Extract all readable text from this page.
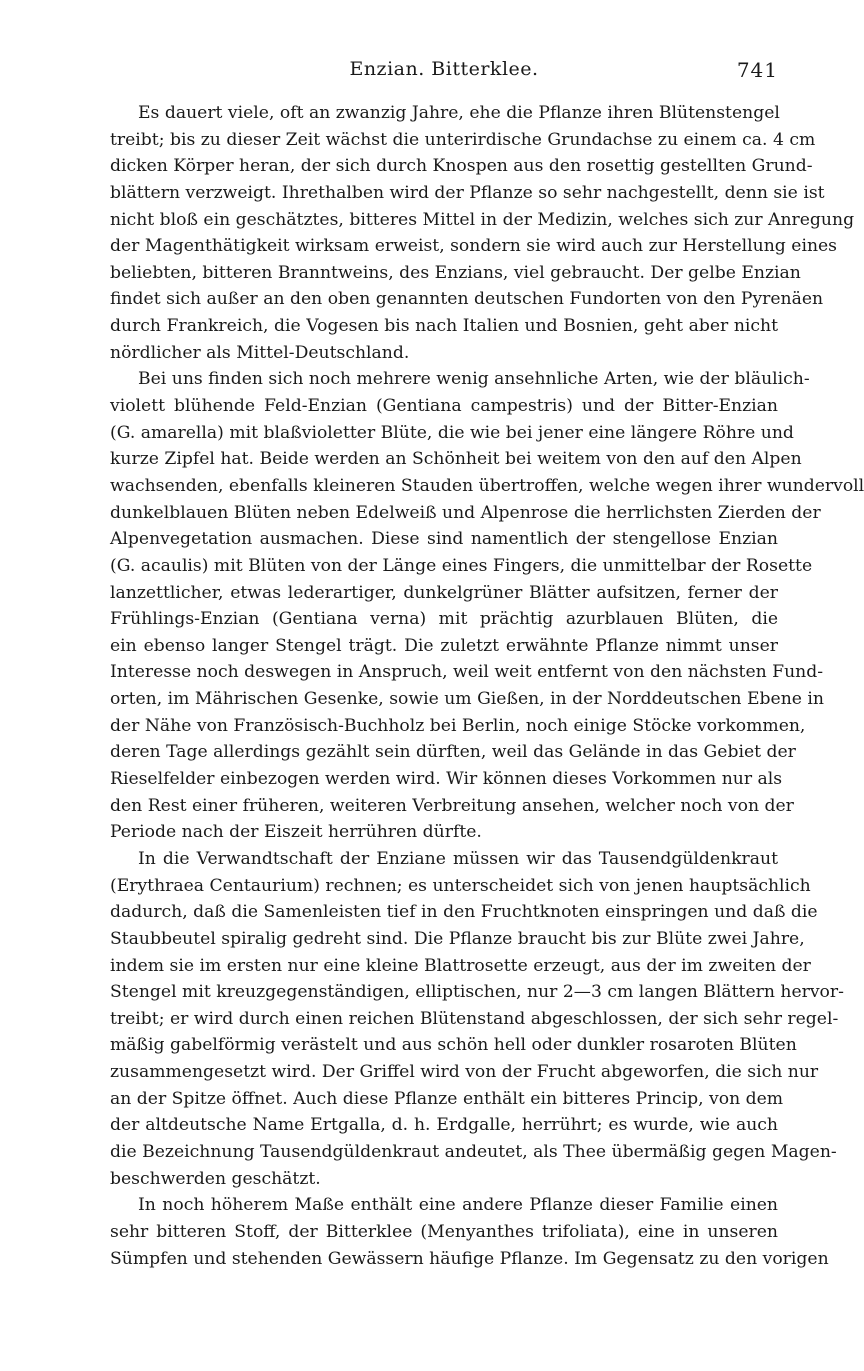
Enzian. Bitterklee.	741
Es dauert viele, oft an zwanzig Jahre, ehe die Pflanze ihren Blütenstengel
treibt; bis zu dieser Zeit wächst die unterirdische Grundachse zu einem ca. 4 cm
dicken Körper heran, der sich durch Knospen aus den rosettig gestellten Grund-
blättern verzweigt. Ihrethalben wird der Pflanze so sehr nachgestellt, denn sie ist
nicht bloß ein geschätztes, bitteres Mittel in der Medizin, welches sich zur Anregung
der Magenthätigkeit wirksam erweist, sondern sie wird auch zur Herstellung eines
beliebten, bitteren Branntweins, des Enzians, viel gebraucht. Der gelbe Enzian
findet sich außer an den oben genannten deutschen Fundorten von den Pyrenäen
durch Frankreich, die Vogesen bis nach Italien und Bosnien, geht aber nicht
nördlicher als Mittel-Deutschland.
Bei uns finden sich noch mehrere wenig ansehnliche Arten, wie der bläulich-
violett blühende Feld-Enzian (Gentiana campestris) und der Bitter-Enzian
(G. amarella) mit blaßvioletter Blüte, die wie bei jener eine längere Röhre und
kurze Zipfel hat. Beide werden an Schönheit bei weitem von den auf den Alpen
wachsenden, ebenfalls kleineren Stauden übertroffen, welche wegen ihrer wundervoll
dunkelblauen Blüten neben Edelweiß und Alpenrose die herrlichsten Zierden der
Alpenvegetation ausmachen. Diese sind namentlich der stengellose Enzian
(G. acaulis) mit Blüten von der Länge eines Fingers, die unmittelbar der Rosette
lanzettlicher, etwas lederartiger, dunkelgrüner Blätter aufsitzen, ferner der
Frühlings-Enzian (Gentiana verna) mit prächtig azurblauen Blüten, die
ein ebenso langer Stengel trägt. Die zuletzt erwähnte Pflanze nimmt unser
Interesse noch deswegen in Anspruch, weil weit entfernt von den nächsten Fund-
orten, im Mährischen Gesenke, sowie um Gießen, in der Norddeutschen Ebene in
der Nähe von Französisch-Buchholz bei Berlin, noch einige Stöcke vorkommen,
deren Tage allerdings gezählt sein dürften, weil das Gelände in das Gebiet der
Rieselfelder einbezogen werden wird. Wir können dieses Vorkommen nur als
den Rest einer früheren, weiteren Verbreitung ansehen, welcher noch von der
Periode nach der Eiszeit herrühren dürfte.
In die Verwandtschaft der Enziane müssen wir das Tausendgüldenkraut
(Erythraea Centaurium) rechnen; es unterscheidet sich von jenen hauptsächlich
dadurch, daß die Samenleisten tief in den Fruchtknoten einspringen und daß die
Staubbeutel spiralig gedreht sind. Die Pflanze braucht bis zur Blüte zwei Jahre,
indem sie im ersten nur eine kleine Blattrosette erzeugt, aus der im zweiten der
Stengel mit kreuzgegenständigen, elliptischen, nur 2—3 cm langen Blättern hervor-
treibt; er wird durch einen reichen Blütenstand abgeschlossen, der sich sehr regel-
mäßig gabelförmig verästelt und aus schön hell oder dunkler rosaroten Blüten
zusammengesetzt wird. Der Griffel wird von der Frucht abgeworfen, die sich nur
an der Spitze öffnet. Auch diese Pflanze enthält ein bitteres Princip, von dem
der altdeutsche Name Ertgalla, d. h. Erdgalle, herrührt; es wurde, wie auch
die Bezeichnung Tausendgüldenkraut andeutet, als Thee übermäßig gegen Magen-
beschwerden geschätzt.
In noch höherem Maße enthält eine andere Pflanze dieser Familie einen
sehr bitteren Stoff, der Bitterklee (Menyanthes trifoliata), eine in unseren
Sümpfen und stehenden Gewässern häufige Pflanze. Im Gegensatz zu den vorigen
